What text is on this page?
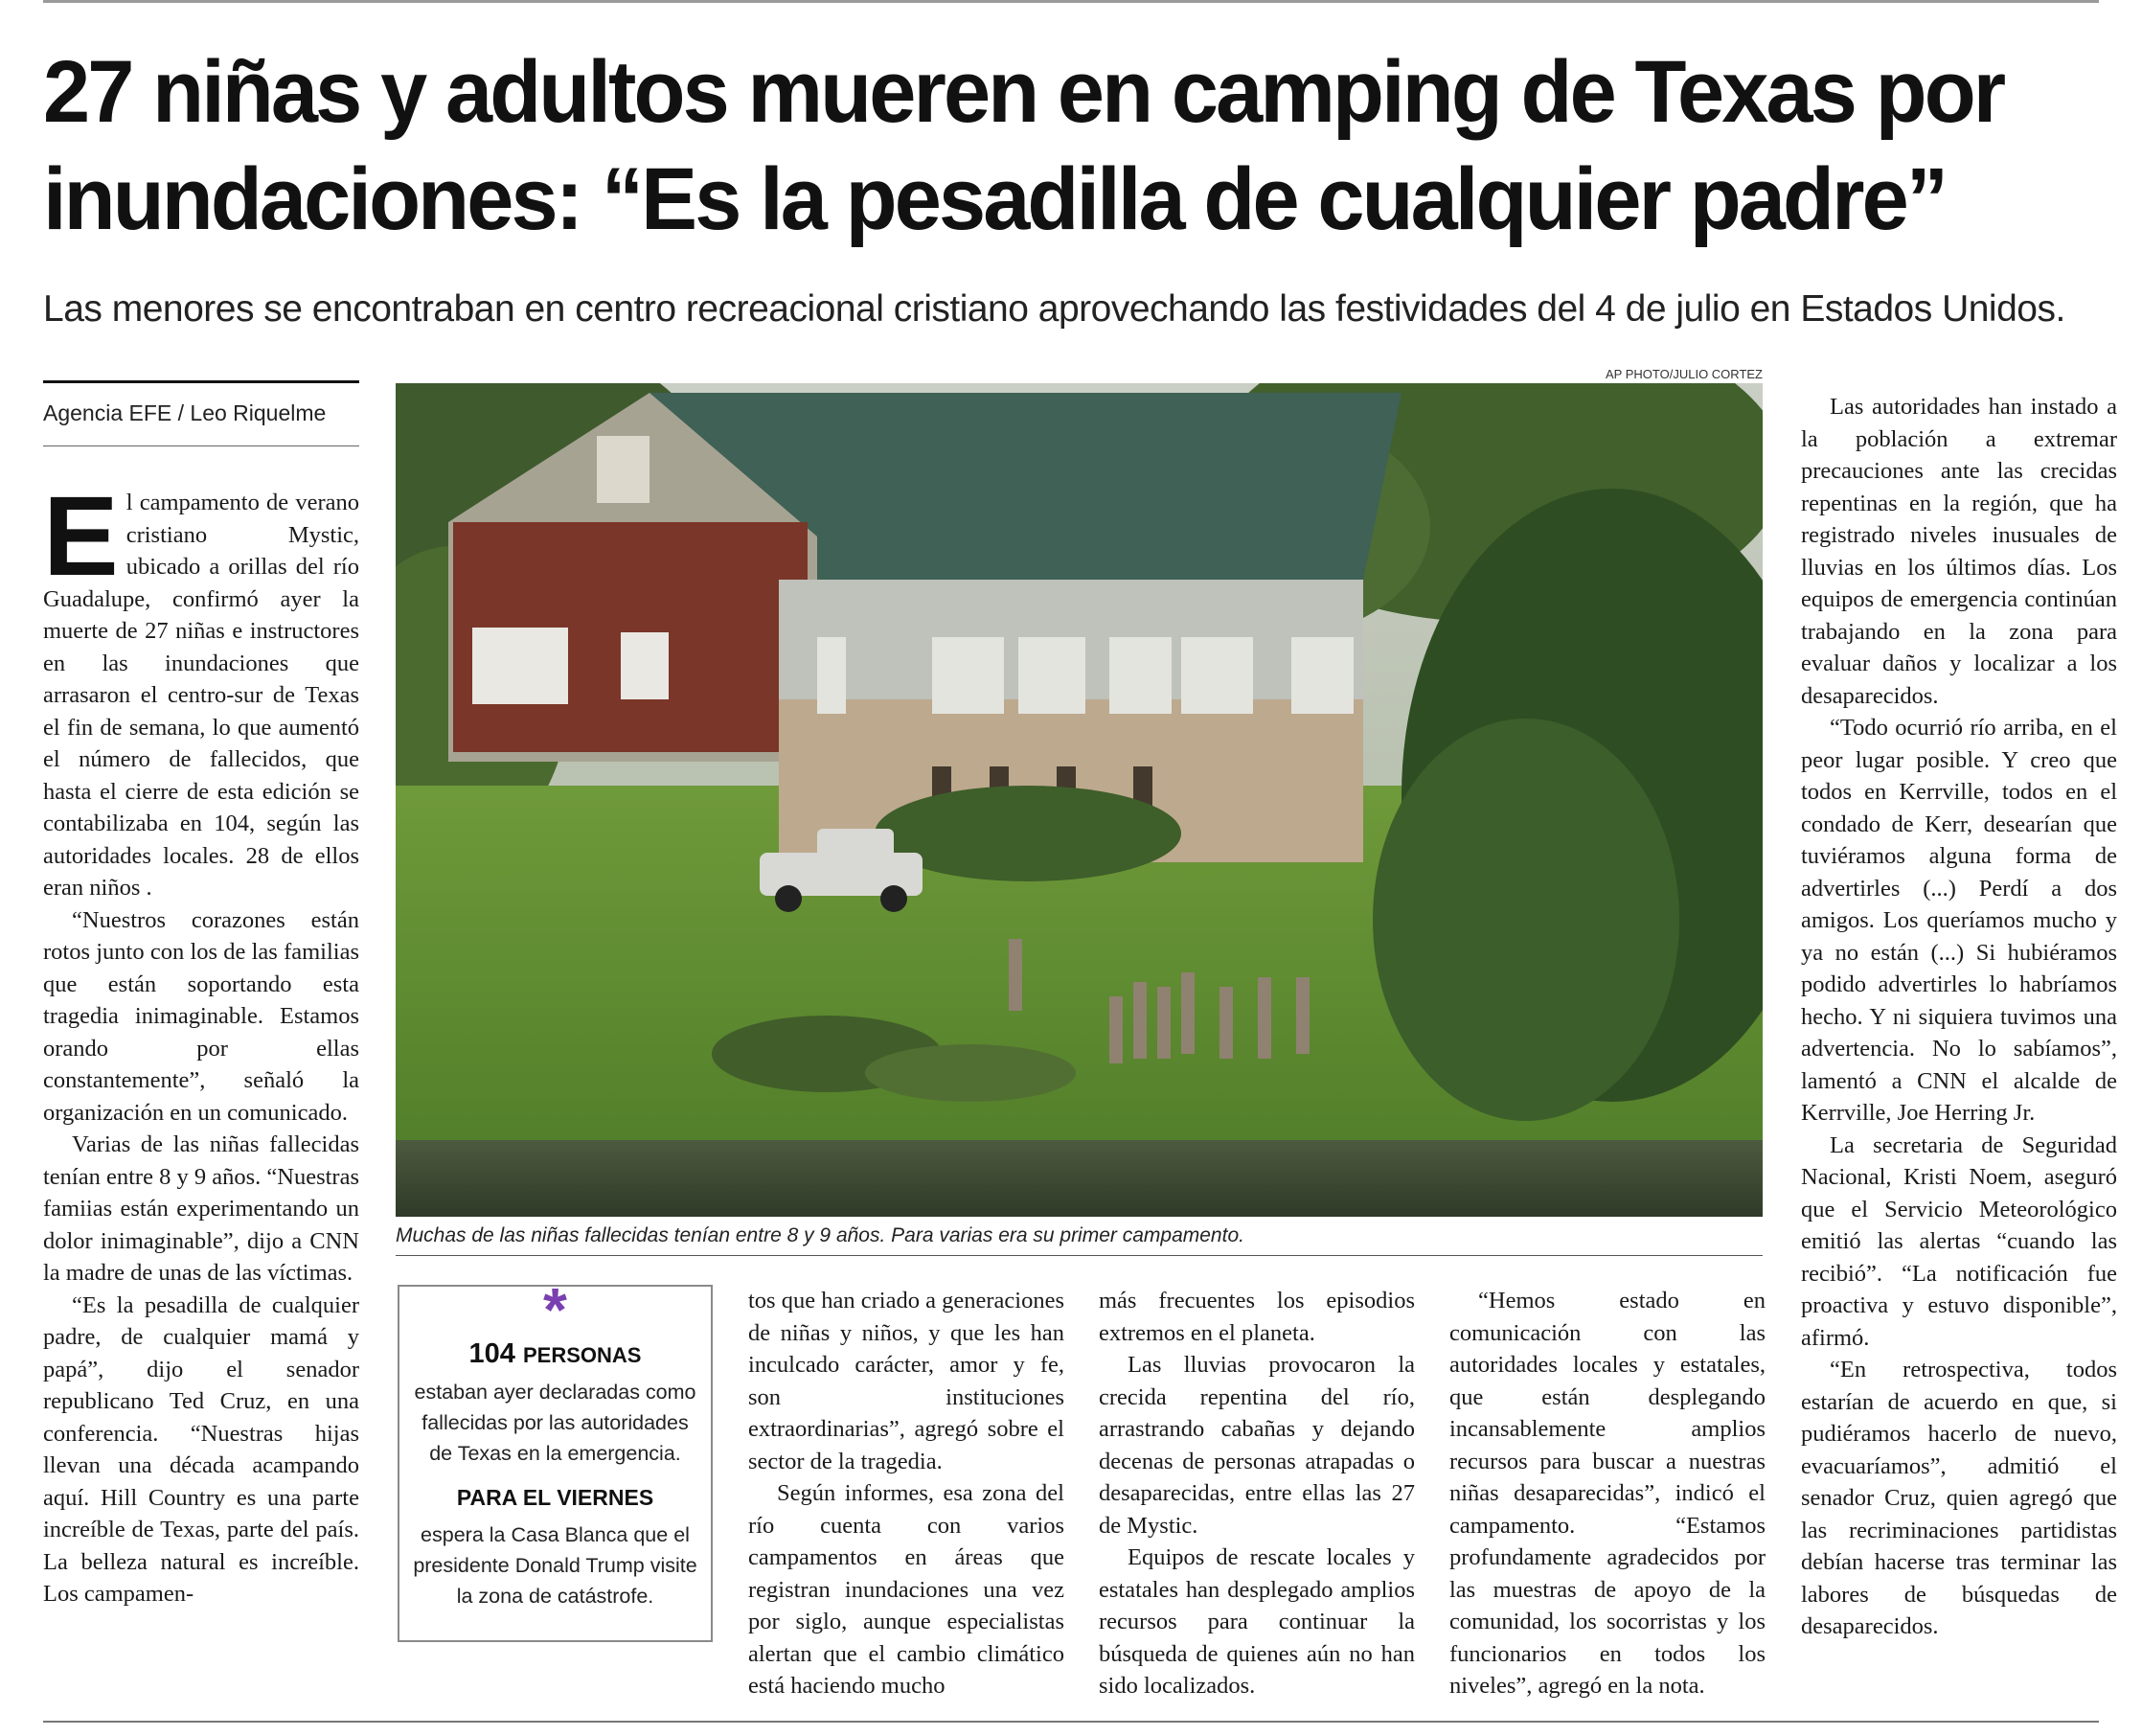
27 niñas y adultos mueren en camping de Texas por
inundaciones: “Es la pesadilla de cualquier padre”
Las menores se encontraban en centro recreacional cristiano aprovechando las festividades del 4 de julio en Estados Unidos.
Agencia EFE / Leo Riquelme

El campamento de verano cristiano Mystic, ubicado a orillas del río Guadalupe, confirmó ayer la muerte de 27 niñas e instructores en las inundaciones que arrasaron el centro-sur de Texas el fin de semana, lo que aumentó el número de fallecidos, que hasta el cierre de esta edición se contabilizaba en 104, según las autoridades locales. 28 de ellos eran niños .

“Nuestros corazones están rotos junto con los de las familias que están soportando esta tragedia inimaginable. Estamos orando por ellas constantemente”, señaló la organización en un comunicado.

Varias de las niñas fallecidas tenían entre 8 y 9 años. “Nuestras famiias están experimentando un dolor inimaginable”, dijo a CNN la madre de unas de las víctimas.

“Es la pesadilla de cualquier padre, de cualquier mamá y papá”, dijo el senador republicano Ted Cruz, en una conferencia. “Nuestras hijas llevan una década acampando aquí. Hill Country es una parte increíble de Texas, parte del país. La belleza natural es increíble. Los campamen-

AP PHOTO/JULIO CORTEZ
Muchas de las niñas fallecidas tenían entre 8 y 9 años. Para varias era su primer campamento.
*
104 PERSONAS
estaban ayer declaradas como fallecidas por las autoridades de Texas en la emergencia.
PARA EL VIERNES
espera la Casa Blanca que el presidente Donald Trump visite la zona de catástrofe.

tos que han criado a generaciones de niñas y niños, y que les han inculcado carácter, amor y fe, son instituciones extraordinarias”, agregó sobre el sector de la tragedia.

Según informes, esa zona del río cuenta con varios campamentos en áreas que registran inundaciones una vez por siglo, aunque especialistas alertan que el cambio climático está haciendo mucho

más frecuentes los episodios extremos en el planeta.

Las lluvias provocaron la crecida repentina del río, arrastrando cabañas y dejando decenas de personas atrapadas o desaparecidas, entre ellas las 27 de Mystic.

Equipos de rescate locales y estatales han desplegado amplios recursos para continuar la búsqueda de quienes aún no han sido localizados.

“Hemos estado en comunicación con las autoridades locales y estatales, que están desplegando incansablemente amplios recursos para buscar a nuestras niñas desaparecidas”, indicó el campamento. “Estamos profundamente agradecidos por las muestras de apoyo de la comunidad, los socorristas y los funcionarios en todos los niveles”, agregó en la nota.

Las autoridades han instado a la población a extremar precauciones ante las crecidas repentinas en la región, que ha registrado niveles inusuales de lluvias en los últimos días. Los equipos de emergencia continúan trabajando en la zona para evaluar daños y localizar a los desaparecidos.

“Todo ocurrió río arriba, en el peor lugar posible. Y creo que todos en Kerrville, todos en el condado de Kerr, desearían que tuviéramos alguna forma de advertirles (...) Perdí a dos amigos. Los queríamos mucho y ya no están (...) Si hubiéramos podido advertirles lo habríamos hecho. Y ni siquiera tuvimos una advertencia. No lo sabíamos”, lamentó a CNN el alcalde de Kerrville, Joe Herring Jr.

La secretaria de Seguridad Nacional, Kristi Noem, aseguró que el Servicio Meteorológico emitió las alertas “cuando las recibió”. “La notificación fue proactiva y estuvo disponible”, afirmó.

“En retrospectiva, todos estarían de acuerdo en que, si pudiéramos hacerlo de nuevo, evacuaríamos”, admitió el senador Cruz, quien agregó que las recriminaciones partidistas debían hacerse tras terminar las labores de búsquedas de desaparecidos.
